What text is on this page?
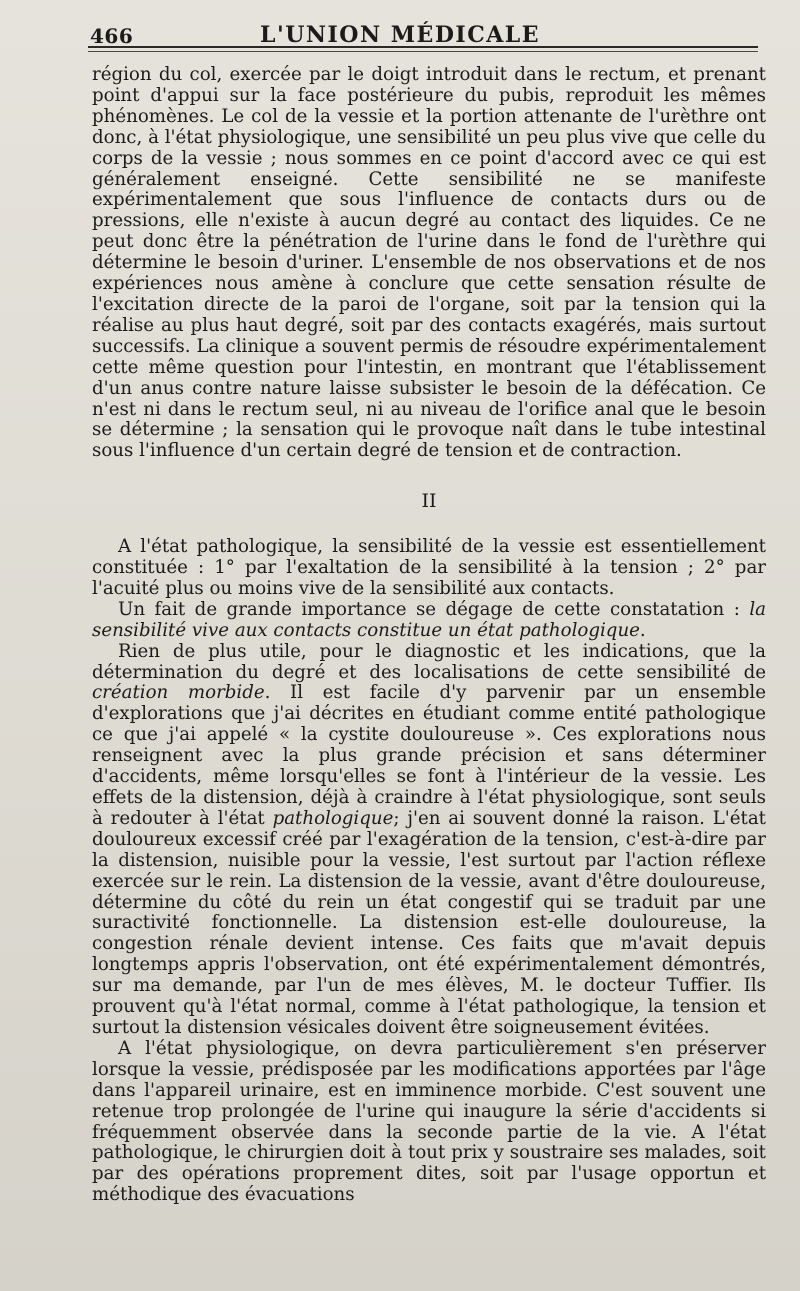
466	L'UNION MÉDICALE

région du col, exercée par le doigt introduit dans le rectum, et prenant point d'appui sur la face postérieure du pubis, reproduit les mêmes phénomènes. Le col de la vessie et la portion attenante de l'urèthre ont donc, à l'état physiologique, une sensibilité un peu plus vive que celle du corps de la vessie ; nous sommes en ce point d'accord avec ce qui est généralement enseigné. Cette sensibilité ne se manifeste expérimentalement que sous l'influence de contacts durs ou de pressions, elle n'existe à aucun degré au contact des liquides. Ce ne peut donc être la pénétration de l'urine dans le fond de l'urèthre qui détermine le besoin d'uriner. L'ensemble de nos observations et de nos expériences nous amène à conclure que cette sensation résulte de l'excitation directe de la paroi de l'organe, soit par la tension qui la réalise au plus haut degré, soit par des contacts exagérés, mais surtout successifs. La clinique a souvent permis de résoudre expérimentalement cette même question pour l'intestin, en montrant que l'établissement d'un anus contre nature laisse subsister le besoin de la défécation. Ce n'est ni dans le rectum seul, ni au niveau de l'orifice anal que le besoin se détermine ; la sensation qui le provoque naît dans le tube intestinal sous l'influence d'un certain degré de tension et de contraction.

II

A l'état pathologique, la sensibilité de la vessie est essentiellement constituée : 1° par l'exaltation de la sensibilité à la tension ; 2° par l'acuité plus ou moins vive de la sensibilité aux contacts.

Un fait de grande importance se dégage de cette constatation : la sensibilité vive aux contacts constitue un état pathologique.

Rien de plus utile, pour le diagnostic et les indications, que la détermination du degré et des localisations de cette sensibilité de création morbide. Il est facile d'y parvenir par un ensemble d'explorations que j'ai décrites en étudiant comme entité pathologique ce que j'ai appelé « la cystite douloureuse ». Ces explorations nous renseignent avec la plus grande précision et sans déterminer d'accidents, même lorsqu'elles se font à l'intérieur de la vessie. Les effets de la distension, déjà à craindre à l'état physiologique, sont seuls à redouter à l'état pathologique; j'en ai souvent donné la raison. L'état douloureux excessif créé par l'exagération de la tension, c'est-à-dire par la distension, nuisible pour la vessie, l'est surtout par l'action réflexe exercée sur le rein. La distension de la vessie, avant d'être douloureuse, détermine du côté du rein un état congestif qui se traduit par une suractivité fonctionnelle. La distension est-elle douloureuse, la congestion rénale devient intense. Ces faits que m'avait depuis longtemps appris l'observation, ont été expérimentalement démontrés, sur ma demande, par l'un de mes élèves, M. le docteur Tuffier. Ils prouvent qu'à l'état normal, comme à l'état pathologique, la tension et surtout la distension vésicales doivent être soigneusement évitées.

A l'état physiologique, on devra particulièrement s'en préserver lorsque la vessie, prédisposée par les modifications apportées par l'âge dans l'appareil urinaire, est en imminence morbide. C'est souvent une retenue trop prolongée de l'urine qui inaugure la série d'accidents si fréquemment observée dans la seconde partie de la vie. A l'état pathologique, le chirurgien doit à tout prix y soustraire ses malades, soit par des opérations proprement dites, soit par l'usage opportun et méthodique des évacuations
